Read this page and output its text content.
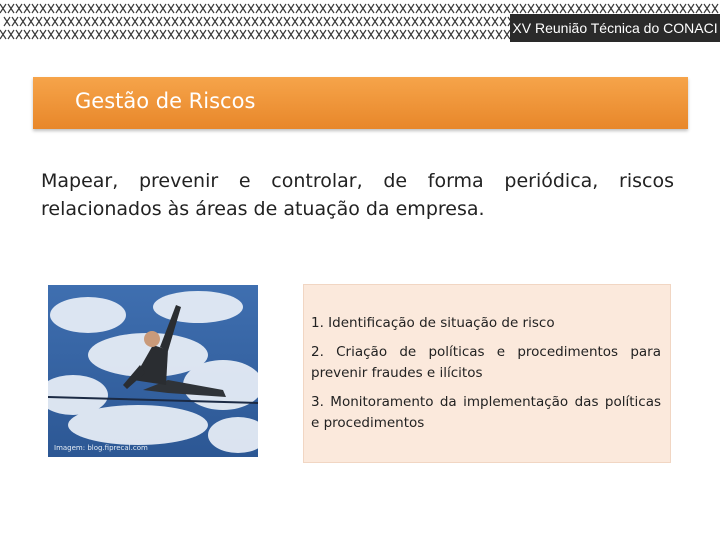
XV Reunião Técnica do CONACI
Gestão de Riscos

Mapear, prevenir e controlar, de forma periódica, riscos relacionados às áreas de atuação da empresa.

Imagem: blog.fiprecal.com
1. Identificação de situação de risco
2. Criação de políticas e procedimentos para prevenir fraudes e ilícitos
3. Monitoramento da implementação das políticas e procedimentos
